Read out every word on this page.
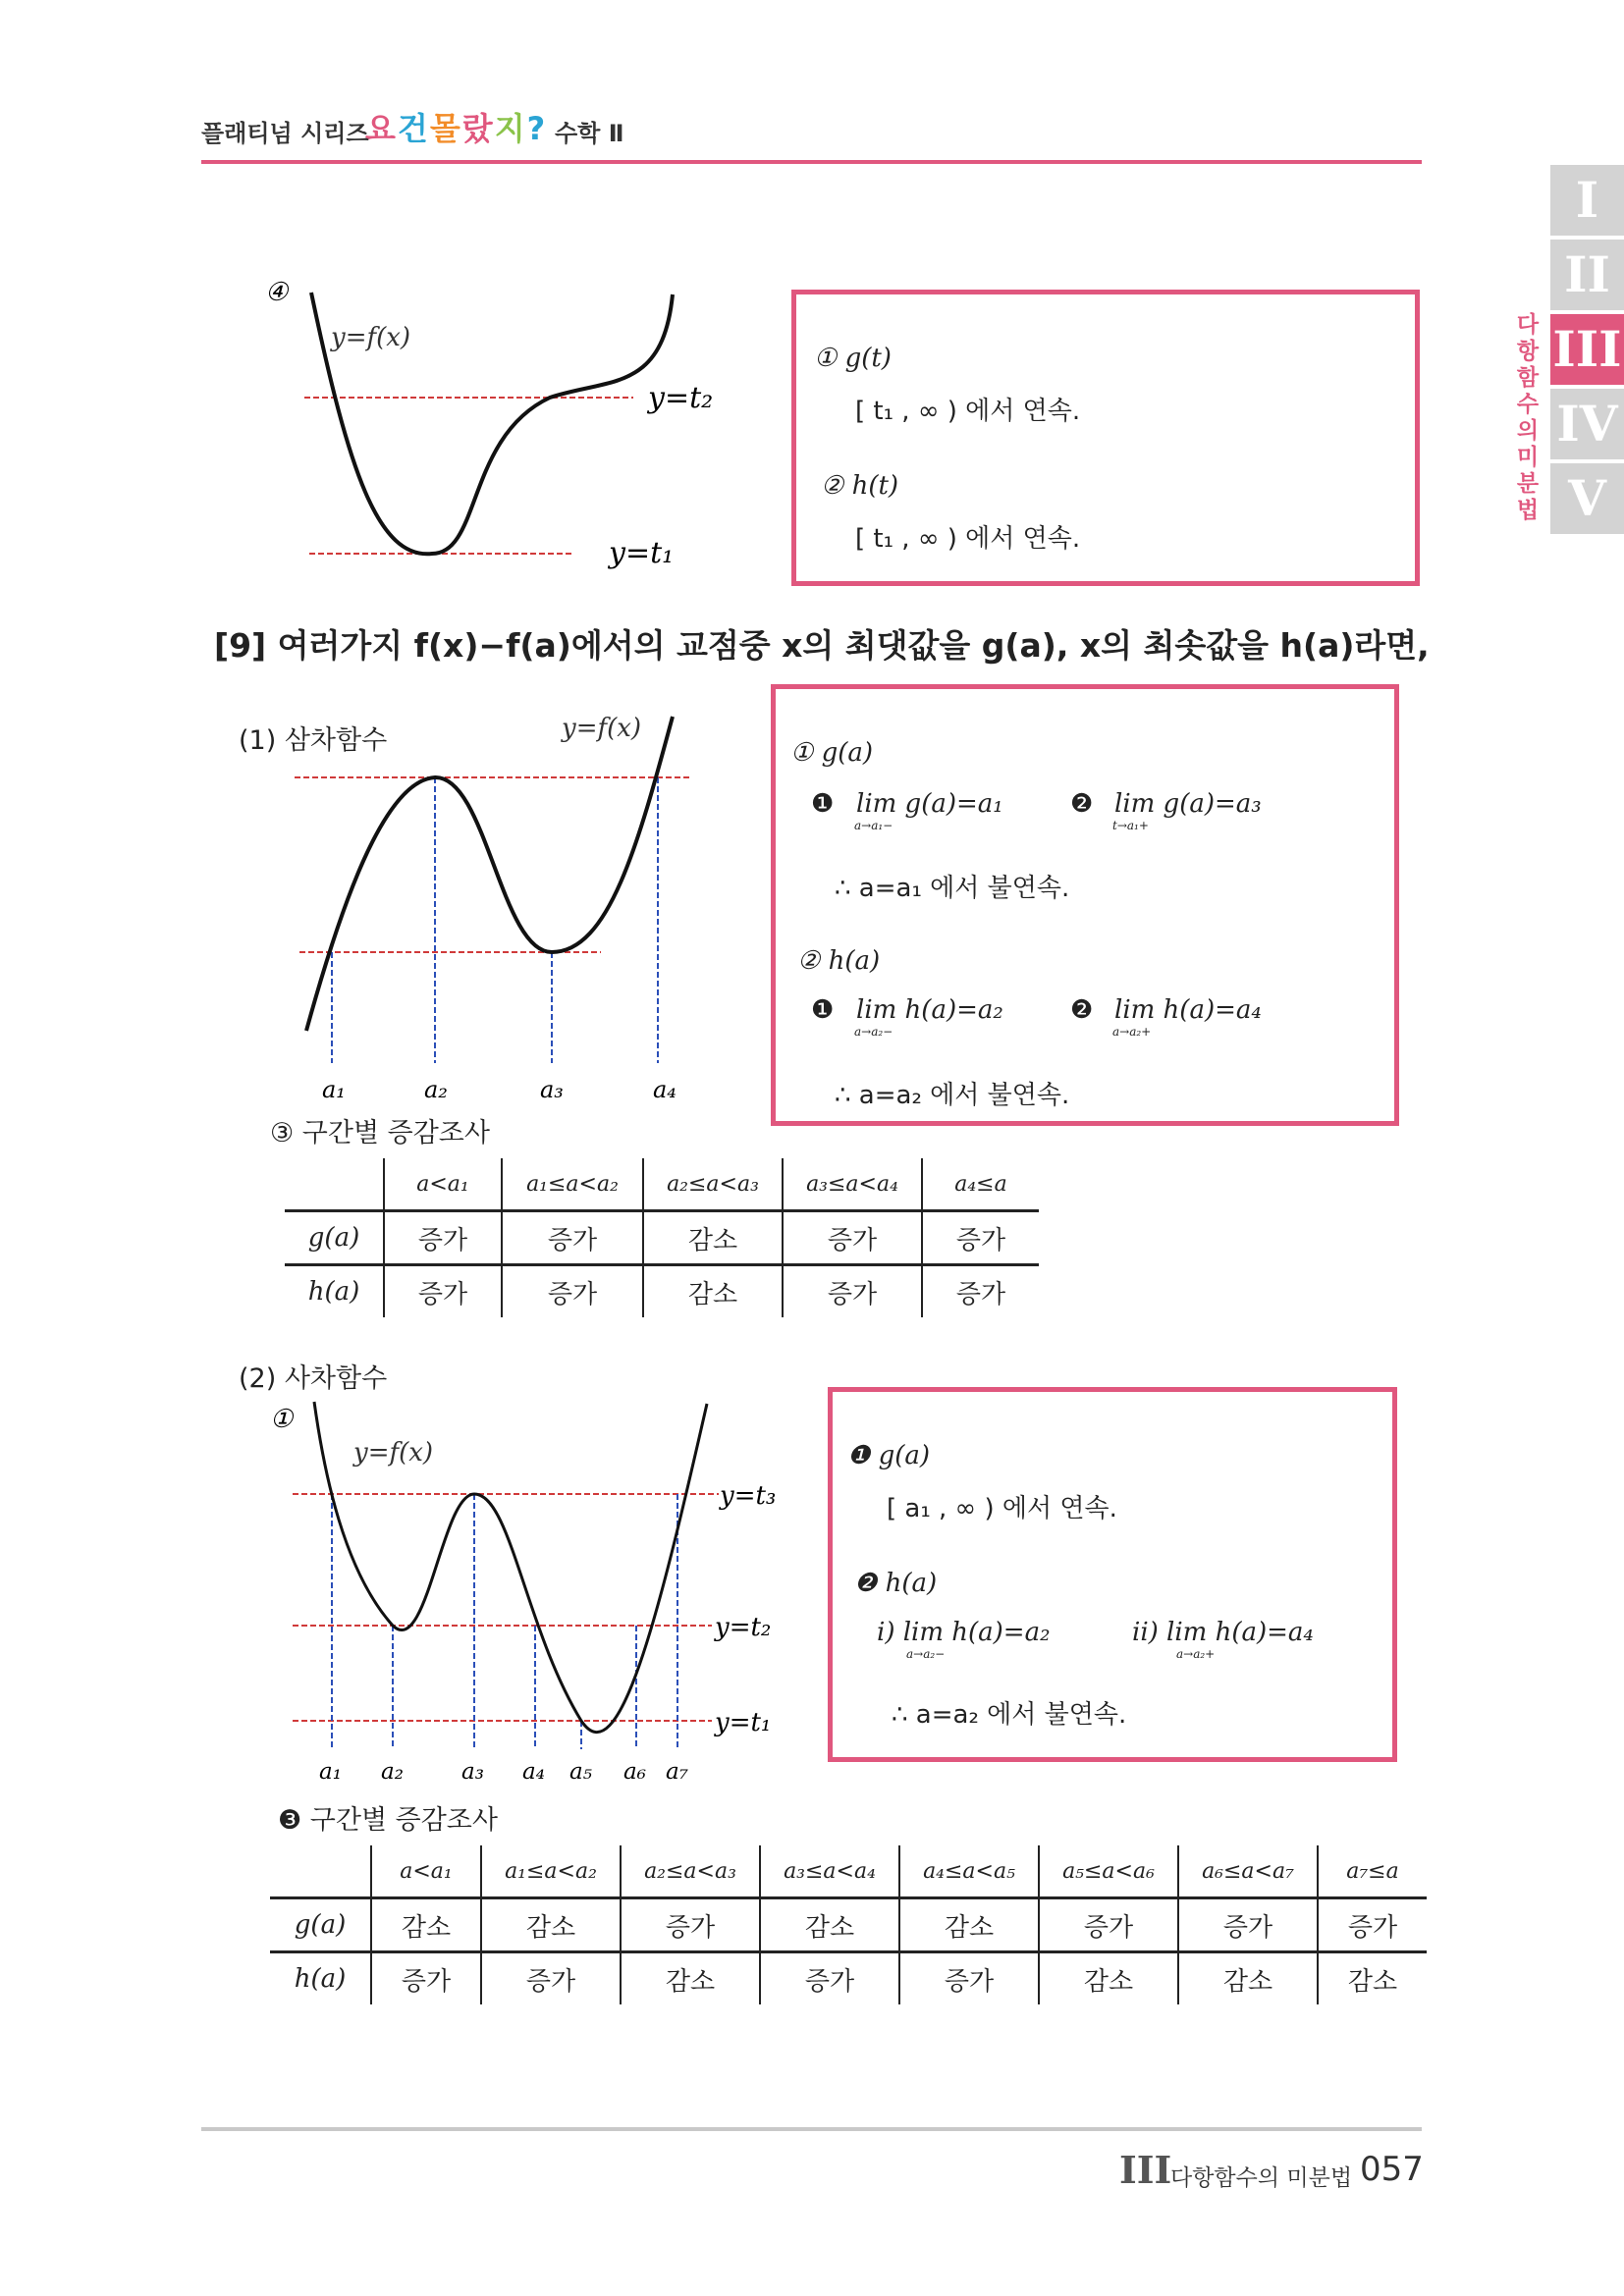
플래티넘 시리즈
요건몰랐지? 수학 Ⅱ
I
II
III
IV
V
다항함수의 미분법
④
y=f(x)
y=t₂
y=t₁
① g(t)
[ t₁ , ∞ ) 에서 연속.
② h(t)
[ t₁ , ∞ ) 에서 연속.
[9] 여러가지 f(x)−f(a)에서의 교점중 x의 최댓값을 g(a), x의 최솟값을 h(a)라면,
(1) 삼차함수	y=f(x)
a₁	a₂	a₃	a₄
① g(a)
❶ lim g(a)=a₁
a→a₁−
❷ lim g(a)=a₃
t→a₁+
∴ a=a₁ 에서 불연속.
② h(a)
❶ lim h(a)=a₂
a→a₂−
❷ lim h(a)=a₄
a→a₂+
∴ a=a₂ 에서 불연속.
③ 구간별 증감조사
	a<a₁	a₁≤a<a₂	a₂≤a<a₃	a₃≤a<a₄	a₄≤a
g(a)	증가	증가	감소	증가	증가
h(a)	증가	증가	감소	증가	증가
(2) 사차함수
①
y=f(x)
y=t₃
y=t₂
y=t₁
a₁ a₂	a₃ a₄ a₅ a₆ a₇
❶ g(a)
[ a₁ , ∞ ) 에서 연속.
❷ h(a)
i) lim h(a)=a₂
a→a₂−
ii) lim h(a)=a₄
a→a₂+
∴ a=a₂ 에서 불연속.
❸ 구간별 증감조사
	a<a₁	a₁≤a<a₂	a₂≤a<a₃	a₃≤a<a₄	a₄≤a<a₅	a₅≤a<a₆	a₆≤a<a₇	a₇≤a
g(a)	감소	감소	증가	감소	감소	증가	증가	증가
h(a)	증가	증가	감소	증가	증가	감소	감소	감소
III
다항함수의 미분법 057
